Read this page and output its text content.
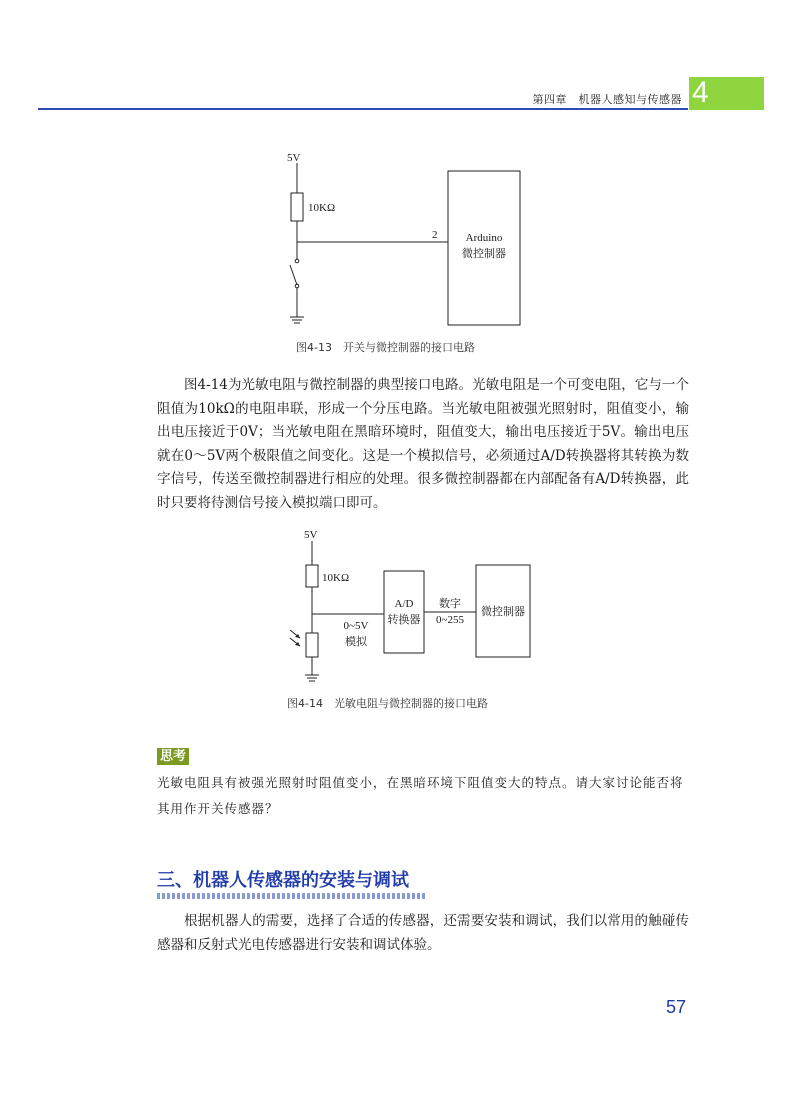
第四章　机器人感知与传感器 4
5V
10KΩ
2	Arduino
微控制器
图4-13　开关与微控制器的接口电路
图4-14为光敏电阻与微控制器的典型接口电路。光敏电阻是一个可变电阻，它与一个阻值为10kΩ的电阻串联，形成一个分压电路。当光敏电阻被强光照射时，阻值变小，输出电压接近于0V；当光敏电阻在黑暗环境时，阻值变大，输出电压接近于5V。输出电压就在0～5V两个极限值之间变化。这是一个模拟信号，必须通过A/D转换器将其转换为数字信号，传送至微控制器进行相应的处理。很多微控制器都在内部配备有A/D转换器，此时只要将待测信号接入模拟端口即可。
5V
10KΩ
A/D
转换器
0~5V
模拟
数字
0~255
微控制器
图4-14　光敏电阻与微控制器的接口电路
思考
光敏电阻具有被强光照射时阻值变小，在黑暗环境下阻值变大的特点。请大家讨论能否将其用作开关传感器？
三、机器人传感器的安装与调试
根据机器人的需要，选择了合适的传感器，还需要安装和调试，我们以常用的触碰传感器和反射式光电传感器进行安装和调试体验。
57
